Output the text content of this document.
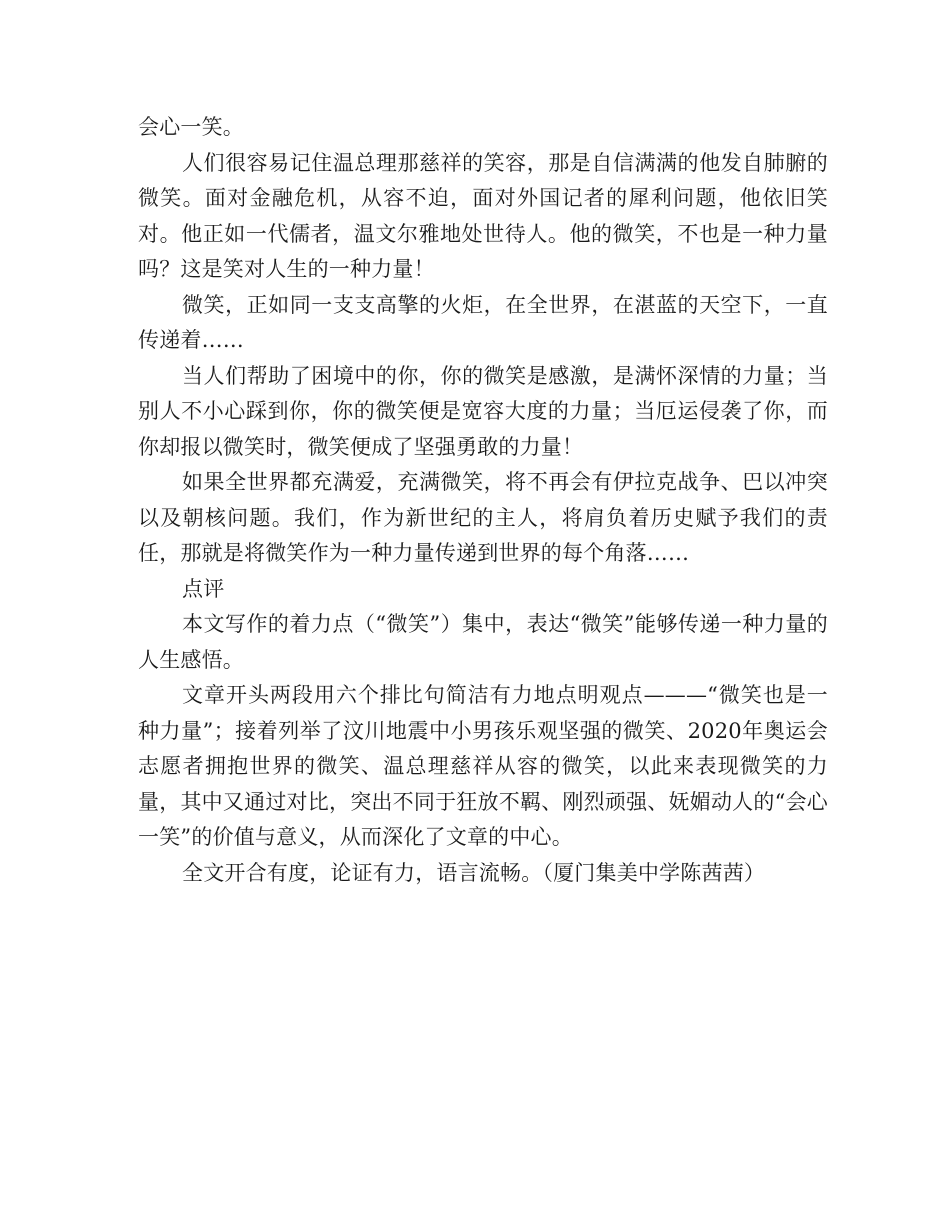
会心一笑。

人们很容易记住温总理那慈祥的笑容，那是自信满满的他发自肺腑的微笑。面对金融危机，从容不迫，面对外国记者的犀利问题，他依旧笑对。他正如一代儒者，温文尔雅地处世待人。他的微笑，不也是一种力量吗？这是笑对人生的一种力量！

微笑，正如同一支支高擎的火炬，在全世界，在湛蓝的天空下，一直传递着……

当人们帮助了困境中的你，你的微笑是感激，是满怀深情的力量；当别人不小心踩到你，你的微笑便是宽容大度的力量；当厄运侵袭了你，而你却报以微笑时，微笑便成了坚强勇敢的力量！

如果全世界都充满爱，充满微笑，将不再会有伊拉克战争、巴以冲突以及朝核问题。我们，作为新世纪的主人，将肩负着历史赋予我们的责任，那就是将微笑作为一种力量传递到世界的每个角落……

点评

本文写作的着力点（“微笑”）集中，表达“微笑”能够传递一种力量的人生感悟。

文章开头两段用六个排比句简洁有力地点明观点———“微笑也是一种力量”；接着列举了汶川地震中小男孩乐观坚强的微笑、2020年奥运会志愿者拥抱世界的微笑、温总理慈祥从容的微笑，以此来表现微笑的力量，其中又通过对比，突出不同于狂放不羁、刚烈顽强、妩媚动人的“会心一笑”的价值与意义，从而深化了文章的中心。

全文开合有度，论证有力，语言流畅。（厦门集美中学陈茜茜）
